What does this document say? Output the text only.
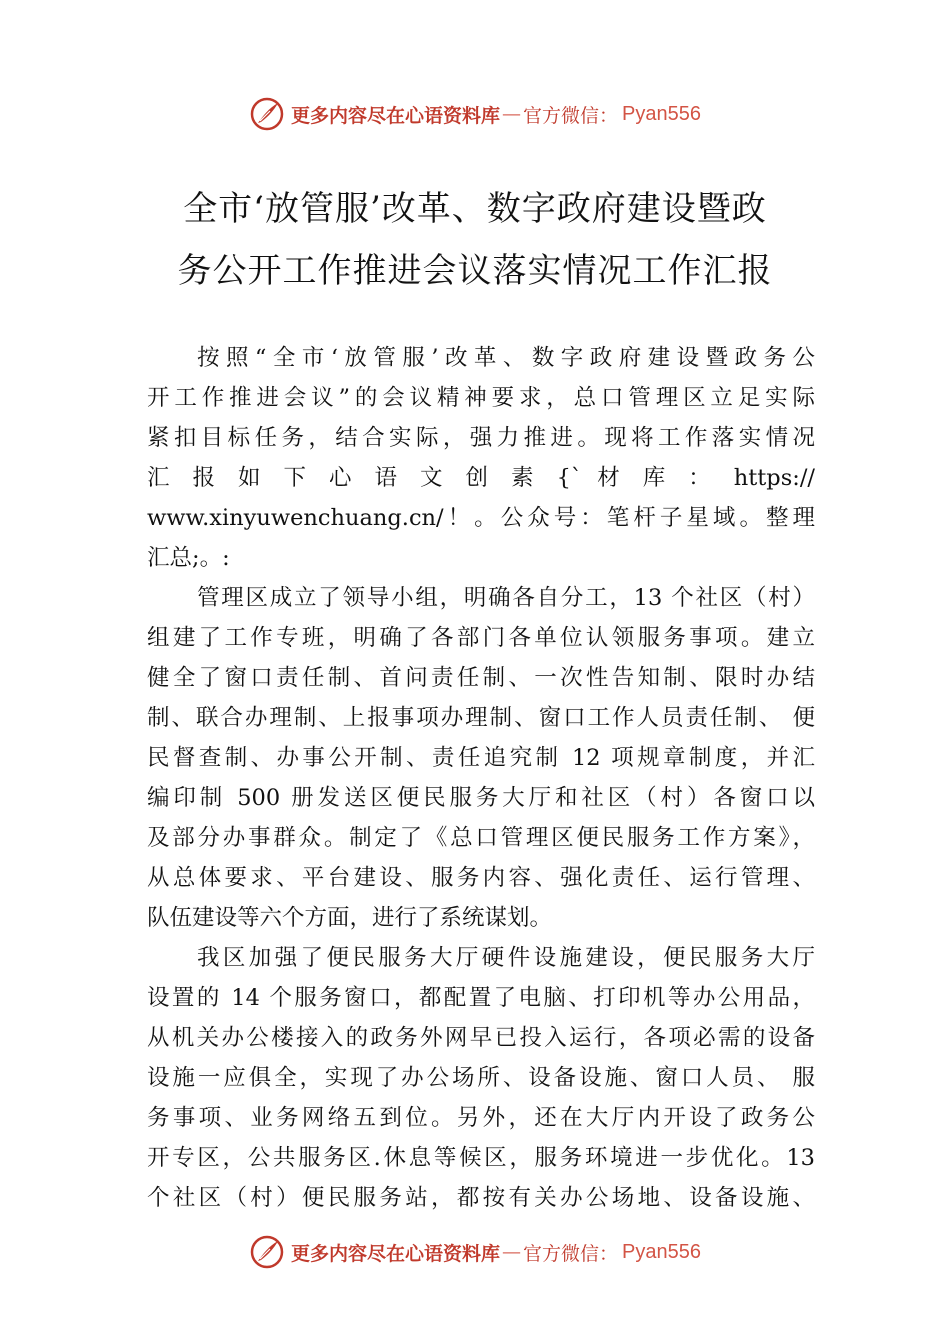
更多内容尽在心语资料库 — 官方微信： Pyan556
全市‘放管服’改革、数字政府建设暨政
务公开工作推进会议落实情况工作汇报
按照“全市‘放管服’改革、数字政府建设暨政务公
开工作推进会议”的会议精神要求，总口管理区立足实际
紧扣目标任务，结合实际，强力推进。现将工作落实情况
汇 报 如 下 心 语 文 创 素 {` 材 库 ： https://
www.xinyuwenchuang.cn/！。公众号：笔杆子星域。整理
汇总;。:
管理区成立了领导小组，明确各自分工，13 个社区（村）
组建了工作专班，明确了各部门各单位认领服务事项。建立
健全了窗口责任制、首问责任制、一次性告知制、限时办结
制、联合办理制、上报事项办理制、窗口工作人员责任制、 便
民督查制、办事公开制、责任追究制 12 项规章制度，并汇
编印制 500 册发送区便民服务大厅和社区（村）各窗口以
及部分办事群众。制定了《总口管理区便民服务工作方案》，
从总体要求、平台建设、服务内容、强化责任、运行管理、
队伍建设等六个方面，进行了系统谋划。
我区加强了便民服务大厅硬件设施建设，便民服务大厅
设置的 14 个服务窗口，都配置了电脑、打印机等办公用品，
从机关办公楼接入的政务外网早已投入运行，各项必需的设备
设施一应俱全，实现了办公场所、设备设施、窗口人员、 服
务事项、业务网络五到位。另外，还在大厅内开设了政务公
开专区，公共服务区.休息等候区，服务环境进一步优化。13
个社区（村）便民服务站，都按有关办公场地、设备设施、
更多内容尽在心语资料库 — 官方微信： Pyan556
